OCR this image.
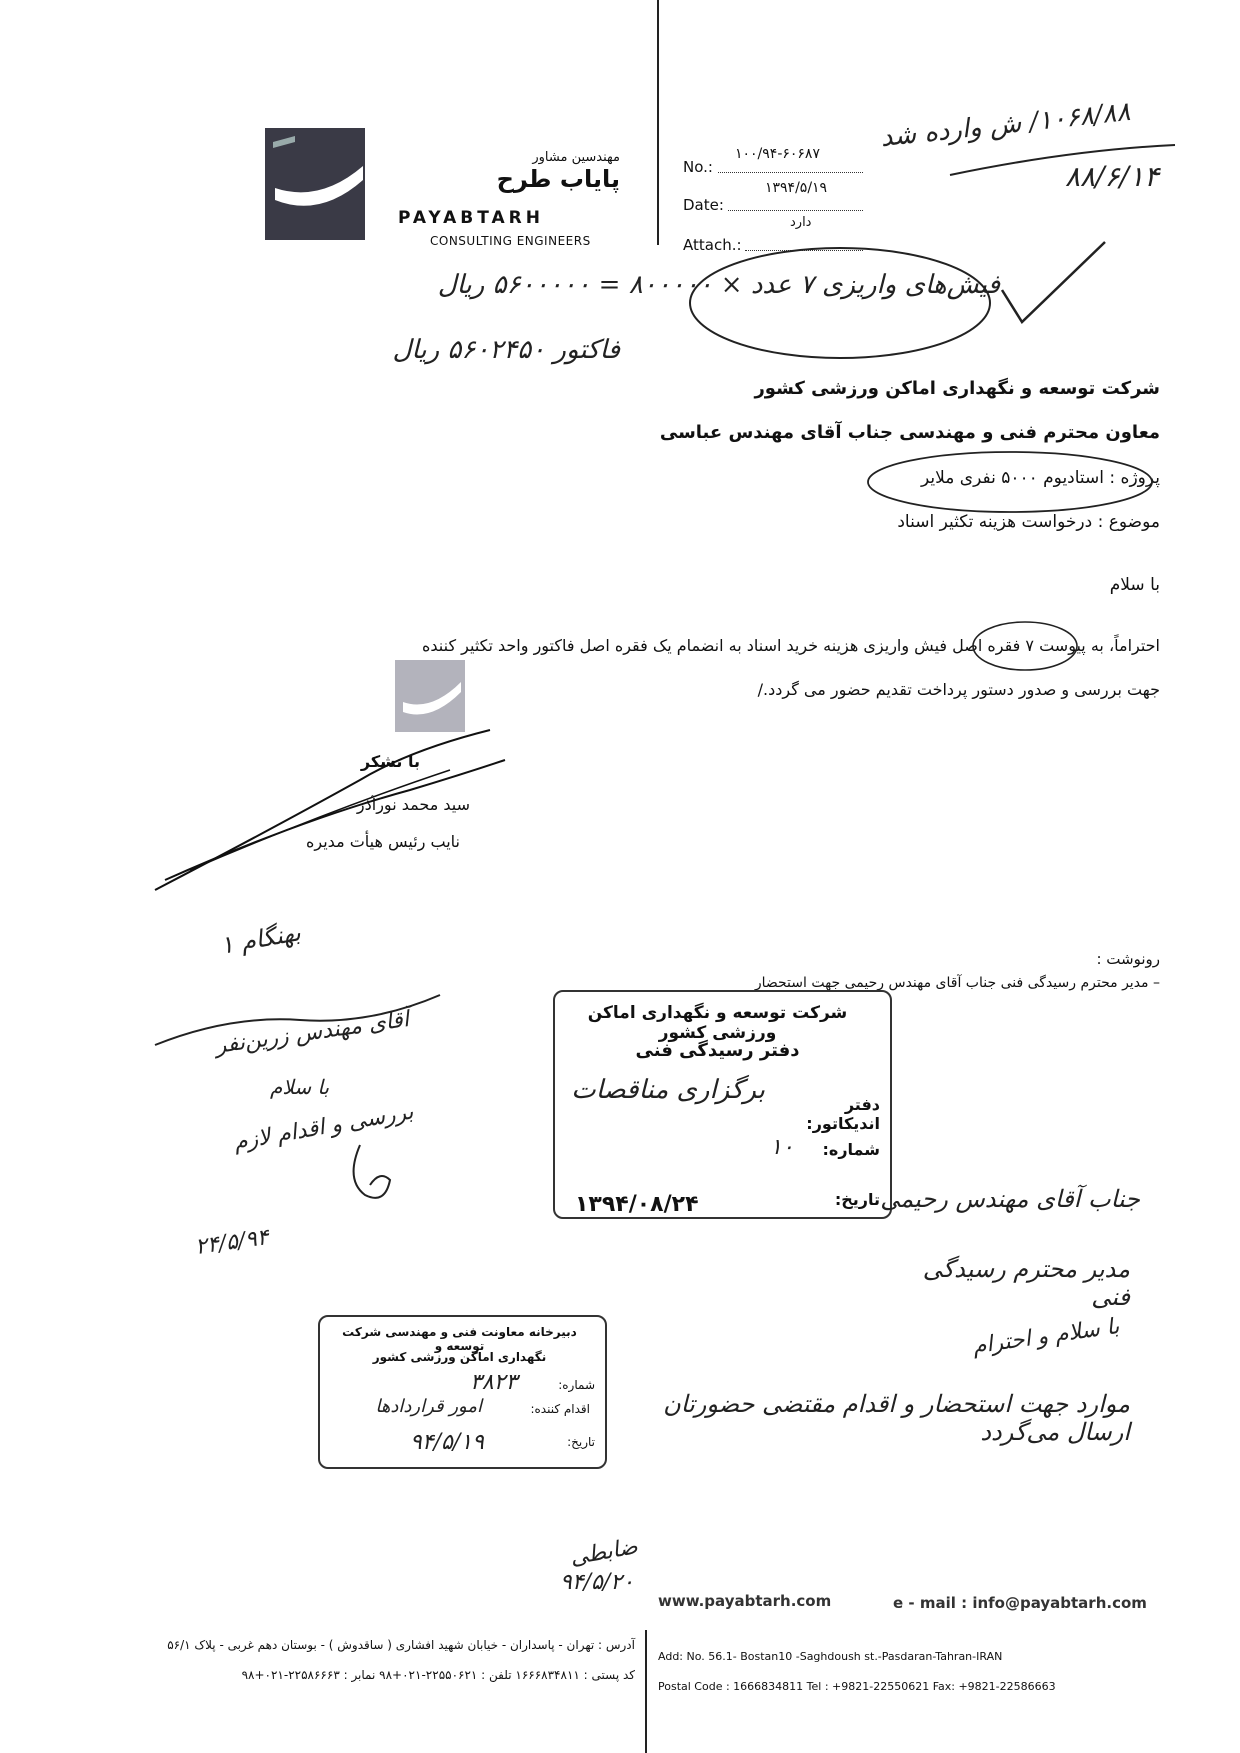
مهندسین مشاور
پایاب طرح
PAYABTARH
CONSULTING ENGINEERS
No.:
۱۰۰/۹۴-۶۰۶۸۷
Date:
۱۳۹۴/۵/۱۹
Attach.:
دارد
۱۰۶۸/۸۸/ ش وارده شد
۸۸/۶/۱۴
فیش‌های واریزی ۷ عدد × ۸۰۰۰۰۰ = ۵۶۰۰۰۰۰ ریال
فاکتور ۵۶۰۲۴۵۰ ریال
شرکت توسعه و نگهداری اماکن ورزشی کشور
معاون محترم فنی و مهندسی جناب آقای مهندس عباسی
پروژه : استادیوم ۵۰۰۰ نفری ملایر
موضوع : درخواست هزینه تکثیر اسناد
با سلام
احتراماً، به پیوست ۷ فقره اصل فیش واریزی هزینه خرید اسناد به انضمام یک فقره اصل فاکتور واحد تکثیر کننده
جهت بررسی و صدور دستور پرداخت تقدیم حضور می گردد./
با تشکر
سید محمد نورآذر
نایب رئیس هیأت مدیره
رونوشت :
– مدیر محترم رسیدگی فنی جناب آقای مهندس رحیمی جهت استحضار
شرکت توسعه و نگهداری اماکن ورزشی کشور
دفتر رسیدگی فنی
دفتر اندیکاتور:
برگزاری مناقصات
شماره:
۱۰
تاریخ:
۱۳۹۴/۰۸/۲۴
بهنگام ۱
آقای مهندس زرین‌نفر
با سلام
بررسی و اقدام لازم
۲۴/۵/۹۴
جناب آقای مهندس رحیمی
مدیر محترم رسیدگی فنی
با سلام و احترام
موارد جهت استحضار و اقدام مقتضی حضورتان ارسال می‌گردد
دبیرخانه معاونت فنی و مهندسی شرکت توسعه و
نگهداری اماکن ورزشی کشور
شماره:
۳۸۲۳
اقدام کننده:
امور قراردادها
تاریخ:
۹۴/۵/۱۹
ضابطی
۹۴/۵/۲۰
www.payabtarh.com	e - mail : info@payabtarh.com
آدرس : تهران - پاسداران - خیابان شهید افشاری ( ساقدوش ) - بوستان دهم غربی - پلاک ۵۶/۱
کد پستی : ۱۶۶۶۸۳۴۸۱۱ تلفن : ۲۲۵۵۰۶۲۱-۰۲۱+۹۸ نمابر : ۲۲۵۸۶۶۶۳-۰۲۱+۹۸
Add: No. 56.1- Bostan10 -Saghdoush st.-Pasdaran-Tahran-IRAN
Postal Code : 1666834811 Tel : +9821-22550621 Fax: +9821-22586663
